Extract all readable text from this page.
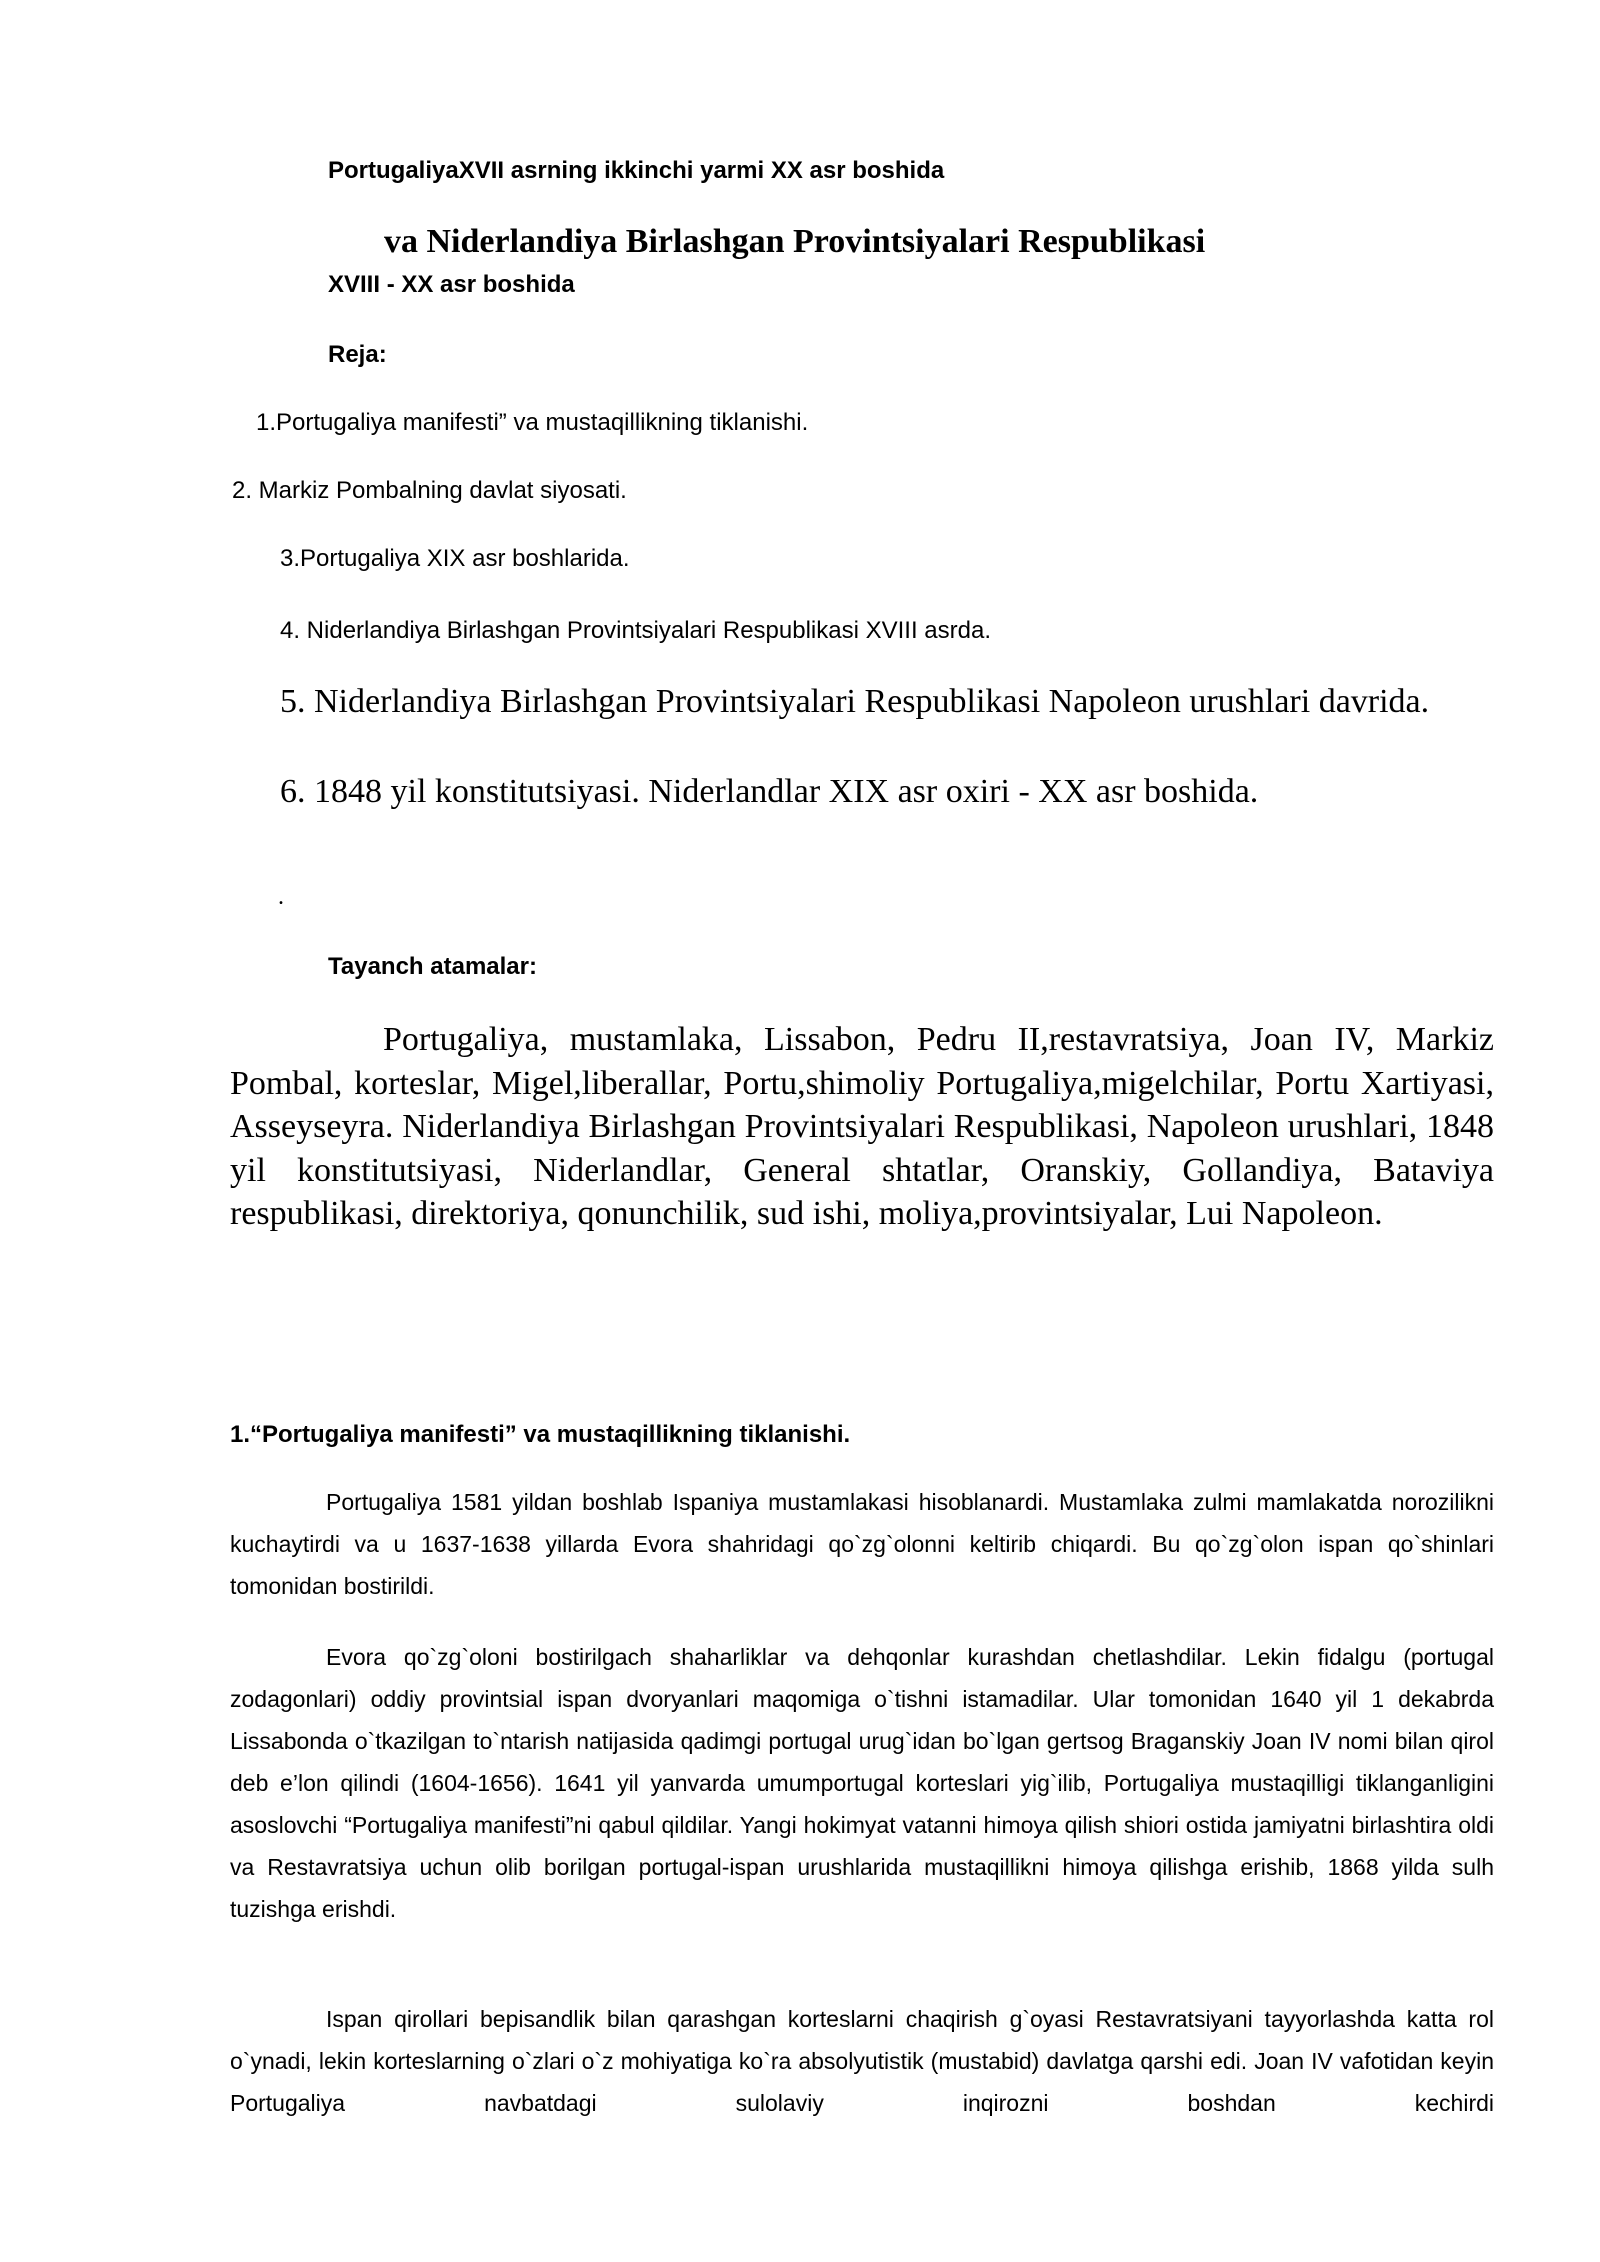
PortugaliyaXVII asrning ikkinchi yarmi XX asr boshida
va Niderlandiya Birlashgan Provintsiyalari Respublikasi
XVIII - XX asr boshida
Reja:
1.Portugaliya manifesti” va mustaqillikning tiklanishi.
2. Markiz Pombalning davlat siyosati.
3.Portugaliya XIX asr boshlarida.
4. Niderlandiya Birlashgan Provintsiyalari Respublikasi XVIII asrda.
5. Niderlandiya Birlashgan Provintsiyalari Respublikasi Napoleon urushlari davrida.
6. 1848 yil konstitutsiyasi. Niderlandlar XIX asr oxiri - XX asr boshida.
.
Tayanch atamalar:
Portugaliya, mustamlaka, Lissabon, Pedru II,restavratsiya, Joan IV, Markiz Pombal, korteslar, Migel,liberallar, Portu,shimoliy Portugaliya,migelchilar, Portu Xartiyasi, Asseyseyra. Niderlandiya Birlashgan Provintsiyalari Respublikasi, Napoleon urushlari, 1848 yil konstitutsiyasi, Niderlandlar, General shtatlar, Oranskiy, Gollandiya, Bataviya respublikasi, direktoriya, qonunchilik, sud ishi, moliya,provintsiyalar, Lui Napoleon.
1.“Portugaliya manifesti” va mustaqillikning tiklanishi.
Portugaliya 1581 yildan boshlab Ispaniya mustamlakasi hisoblanardi. Mustamlaka zulmi mamlakatda norozilikni kuchaytirdi va u 1637-1638 yillarda Evora shahridagi qo`zg`olonni keltirib chiqardi. Bu qo`zg`olon ispan qo`shinlari tomonidan bostirildi.
Evora qo`zg`oloni bostirilgach shaharliklar va dehqonlar kurashdan chetlashdilar. Lekin fidalgu (portugal zodagonlari) oddiy provintsial ispan dvoryanlari maqomiga o`tishni istamadilar. Ular tomonidan 1640 yil 1 dekabrda Lissabonda o`tkazilgan to`ntarish natijasida qadimgi portugal urug`idan bo`lgan gertsog Braganskiy Joan IV nomi bilan qirol deb e’lon qilindi (1604-1656). 1641 yil yanvarda umumportugal korteslari yig`ilib, Portugaliya mustaqilligi tiklanganligini asoslovchi “Portugaliya manifesti”ni qabul qildilar. Yangi hokimyat vatanni himoya qilish shiori ostida jamiyatni birlashtira oldi va Restavratsiya uchun olib borilgan portugal-ispan urushlarida mustaqillikni himoya qilishga erishib, 1868 yilda sulh tuzishga erishdi.
Ispan qirollari bepisandlik bilan qarashgan korteslarni chaqirish g`oyasi Restavratsiyani tayyorlashda katta rol o`ynadi, lekin korteslarning o`zlari o`z mohiyatiga ko`ra absolyutistik (mustabid) davlatga qarshi edi. Joan IV vafotidan keyin Portugaliya navbatdagi sulolaviy inqirozni boshdan kechirdi
